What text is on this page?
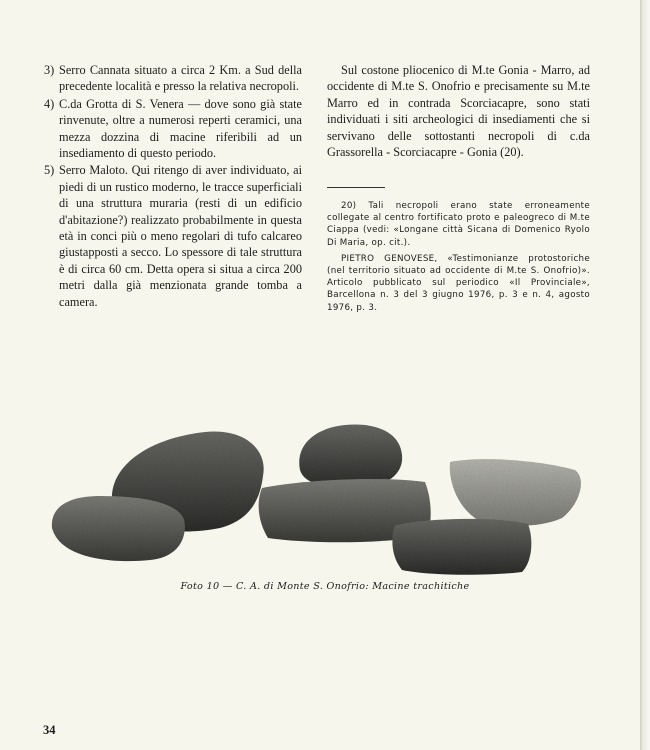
3) Serro Cannata situato a circa 2 Km. a Sud della precedente località e presso la relativa necropoli.
4) C.da Grotta di S. Venera — dove sono già state rinvenute, oltre a numerosi reperti ceramici, una mezza dozzina di macine riferibili ad un insediamento di questo periodo.
5) Serro Maloto. Qui ritengo di aver individuato, ai piedi di un rustico moderno, le tracce superficiali di una struttura muraria (resti di un edificio d'abitazione?) realizzato probabilmente in questa età in conci più o meno regolari di tufo calcareo giustapposti a secco. Lo spessore di tale struttura è di circa 60 cm. Detta opera si situa a circa 200 metri dalla già menzionata grande tomba a camera.

Sul costone pliocenico di M.te Gonia - Marro, ad occidente di M.te S. Onofrio e precisamente su M.te Marro ed in contrada Scorciacapre, sono stati individuati i siti archeologici di insediamenti che si servivano delle sottostanti necropoli di c.da Grassorella - Scorciacapre - Gonia (20).

20) Tali necropoli erano state erroneamente collegate al centro fortificato proto e paleogreco di M.te Ciappa (vedi: «Longane città Sicana di Domenico Ryolo Di Maria, op. cit.).

PIETRO GENOVESE, «Testimonianze protostoriche (nel territorio situato ad occidente di M.te S. Onofrio)». Articolo pubblicato sul periodico «Il Provinciale», Barcellona n. 3 del 3 giugno 1976, p. 3 e n. 4, agosto 1976, p. 3.

Foto 10 — C. A. di Monte S. Onofrio: Macine trachitiche
34
